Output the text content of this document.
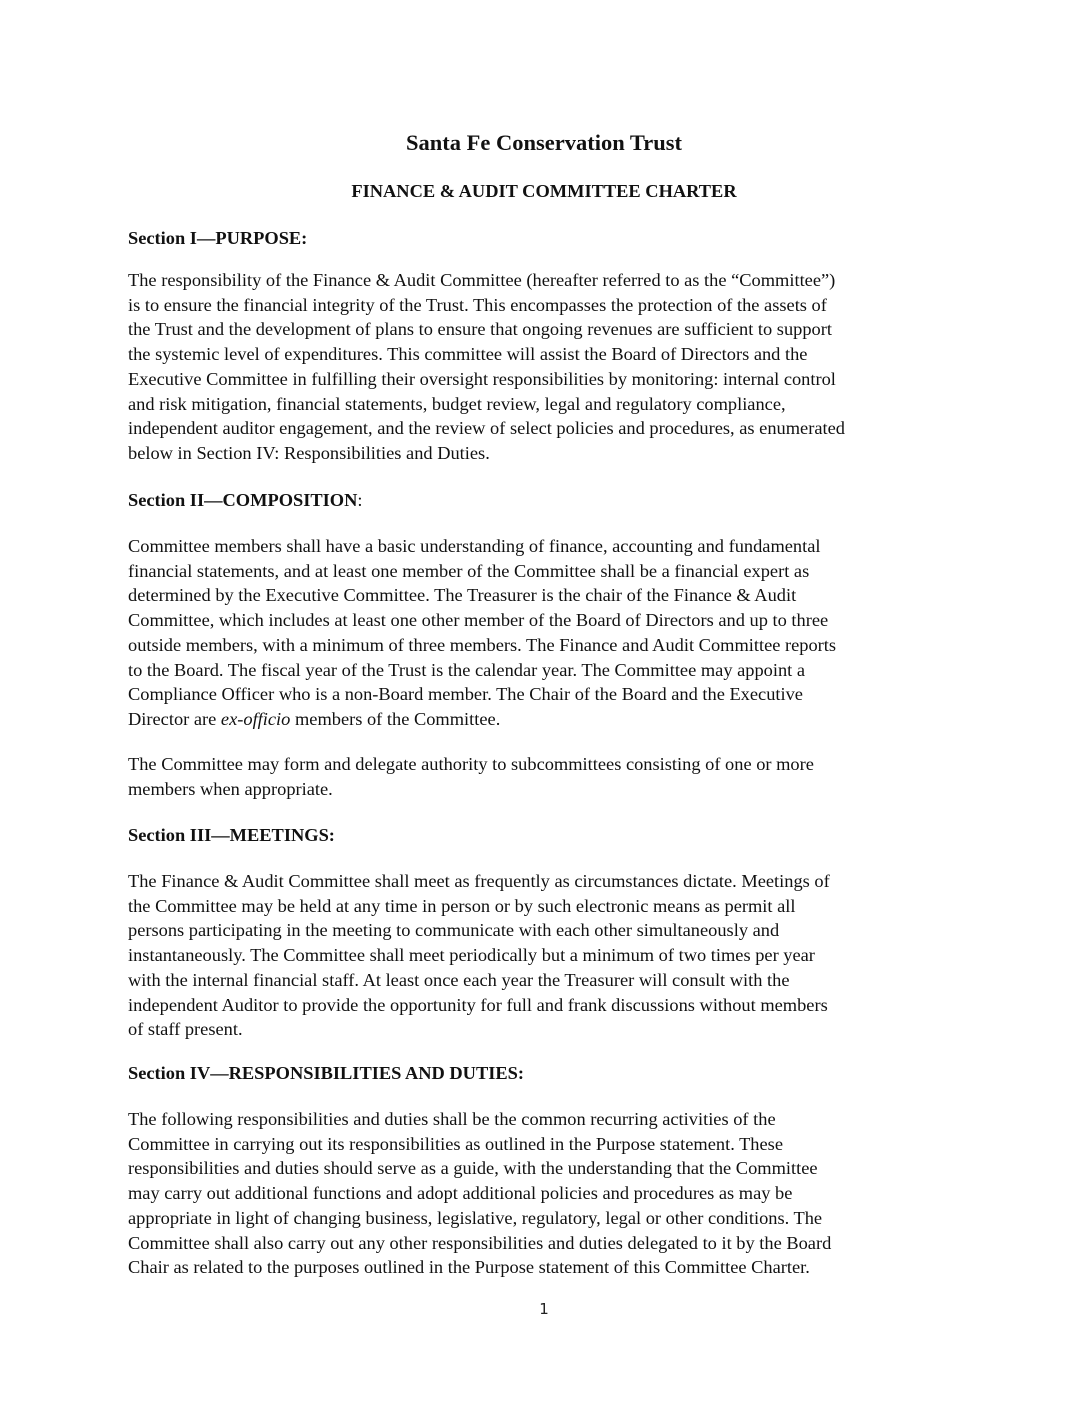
Santa Fe Conservation Trust
FINANCE & AUDIT COMMITTEE CHARTER
Section I—PURPOSE:
The responsibility of the Finance & Audit Committee (hereafter referred to as the “Committee”)
is to ensure the financial integrity of the Trust. This encompasses the protection of the assets of
the Trust and the development of plans to ensure that ongoing revenues are sufficient to support
the systemic level of expenditures. This committee will assist the Board of Directors and the
Executive Committee in fulfilling their oversight responsibilities by monitoring: internal control
and risk mitigation, financial statements, budget review, legal and regulatory compliance,
independent auditor engagement, and the review of select policies and procedures, as enumerated
below in Section IV: Responsibilities and Duties.
Section II—COMPOSITION:
Committee members shall have a basic understanding of finance, accounting and fundamental
financial statements, and at least one member of the Committee shall be a financial expert as
determined by the Executive Committee. The Treasurer is the chair of the Finance & Audit
Committee, which includes at least one other member of the Board of Directors and up to three
outside members, with a minimum of three members. The Finance and Audit Committee reports
to the Board. The fiscal year of the Trust is the calendar year. The Committee may appoint a
Compliance Officer who is a non-Board member. The Chair of the Board and the Executive
Director are ex-officio members of the Committee.
The Committee may form and delegate authority to subcommittees consisting of one or more
members when appropriate.
Section III—MEETINGS:
The Finance & Audit Committee shall meet as frequently as circumstances dictate. Meetings of
the Committee may be held at any time in person or by such electronic means as permit all
persons participating in the meeting to communicate with each other simultaneously and
instantaneously. The Committee shall meet periodically but a minimum of two times per year
with the internal financial staff. At least once each year the Treasurer will consult with the
independent Auditor to provide the opportunity for full and frank discussions without members
of staff present.
Section IV—RESPONSIBILITIES AND DUTIES:
The following responsibilities and duties shall be the common recurring activities of the
Committee in carrying out its responsibilities as outlined in the Purpose statement. These
responsibilities and duties should serve as a guide, with the understanding that the Committee
may carry out additional functions and adopt additional policies and procedures as may be
appropriate in light of changing business, legislative, regulatory, legal or other conditions. The
Committee shall also carry out any other responsibilities and duties delegated to it by the Board
Chair as related to the purposes outlined in the Purpose statement of this Committee Charter.
1
